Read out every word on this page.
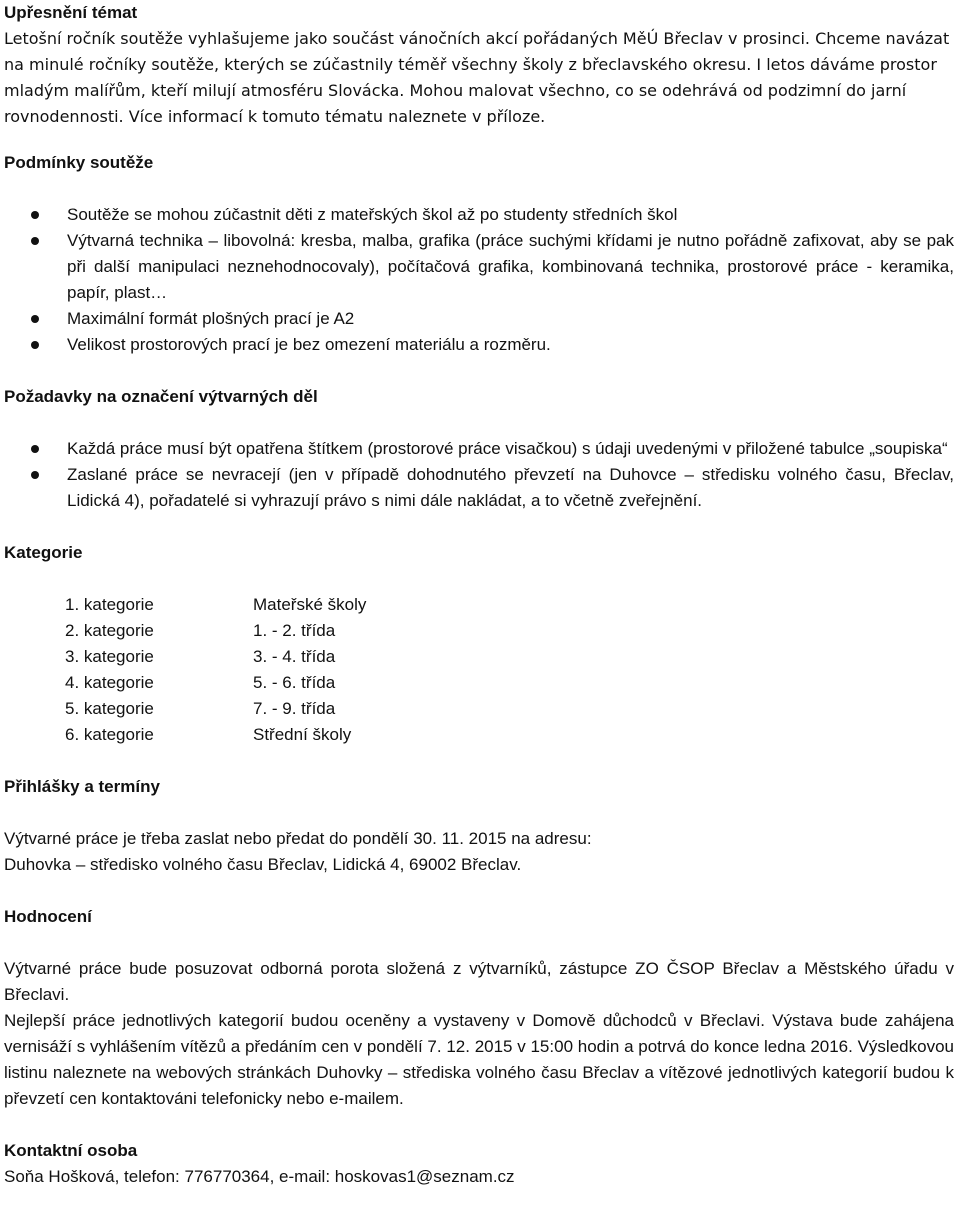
Upřesnění témat

Letošní ročník soutěže vyhlašujeme jako součást vánočních akcí pořádaných MěÚ Břeclav v prosinci. Chceme navázat na minulé ročníky soutěže, kterých se zúčastnily téměř všechny školy z břeclavského okresu. I letos dáváme prostor mladým malířům, kteří milují atmosféru Slovácka. Mohou malovat všechno, co se odehrává od podzimní do jarní rovnodennosti. Více informací k tomuto tématu naleznete v příloze.

Podmínky soutěže
Soutěže se mohou zúčastnit děti z mateřských škol až po studenty středních škol
Výtvarná technika – libovolná: kresba, malba, grafika (práce suchými křídami je nutno pořádně zafixovat, aby se pak při další manipulaci neznehodnocovaly), počítačová grafika, kombinovaná technika, prostorové práce - keramika, papír, plast…
Maximální formát plošných prací je A2
Velikost prostorových prací je bez omezení materiálu a rozměru.
Požadavky na označení výtvarných děl
Každá práce musí být opatřena štítkem (prostorové práce visačkou) s údaji uvedenými v přiložené tabulce „soupiska“
Zaslané práce se nevracejí (jen v případě dohodnutého převzetí na Duhovce – středisku volného času, Břeclav, Lidická 4), pořadatelé si vyhrazují právo s nimi dále nakládat, a to včetně zveřejnění.
Kategorie
1. kategorie	Mateřské školy
2. kategorie	1. - 2. třída
3. kategorie	3. - 4. třída
4. kategorie	5. - 6. třída
5. kategorie	7. - 9. třída
6. kategorie	Střední školy
Přihlášky a termíny

Výtvarné práce je třeba zaslat nebo předat do pondělí 30. 11. 2015 na adresu:

Duhovka – středisko volného času Břeclav, Lidická 4, 69002 Břeclav.

Hodnocení

Výtvarné práce bude posuzovat odborná porota složená z výtvarníků, zástupce ZO ČSOP Břeclav a Městského úřadu v Břeclavi.

Nejlepší práce jednotlivých kategorií budou oceněny a vystaveny v Domově důchodců v Břeclavi. Výstava bude zahájena vernisáží s vyhlášením vítězů a předáním cen v pondělí 7. 12. 2015 v 15:00 hodin a potrvá do konce ledna 2016. Výsledkovou listinu naleznete na webových stránkách Duhovky – střediska volného času Břeclav a vítězové jednotlivých kategorií budou k převzetí cen kontaktováni telefonicky nebo e-mailem.

Kontaktní osoba

Soňa Hošková, telefon: 776770364, e-mail: hoskovas1@seznam.cz
